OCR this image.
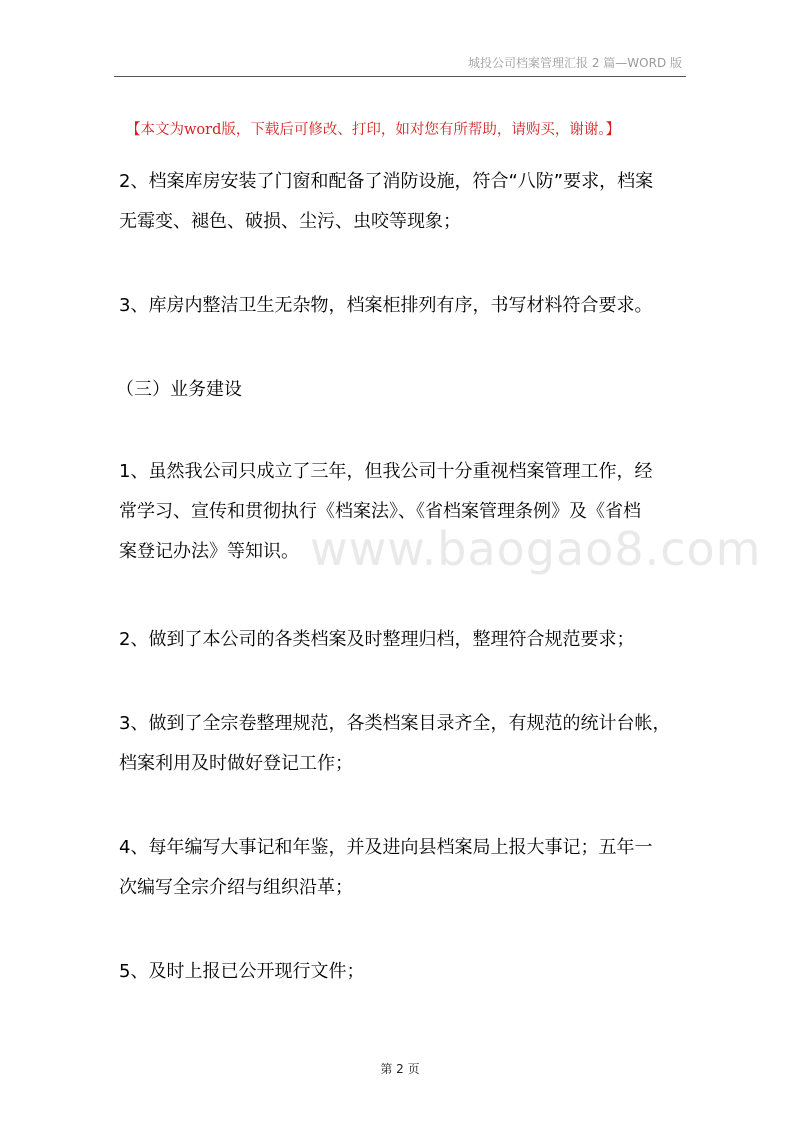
城投公司档案管理汇报 2 篇—WORD 版
【本文为word版，下载后可修改、打印，如对您有所帮助，请购买，谢谢。】
www.baogao8.com
2、档案库房安装了门窗和配备了消防设施，符合“八防”要求，档案
无霉变、褪色、破损、尘污、虫咬等现象；
3、库房内整洁卫生无杂物，档案柜排列有序，书写材料符合要求。
（三）业务建设
1、虽然我公司只成立了三年，但我公司十分重视档案管理工作，经
常学习、宣传和贯彻执行《档案法》、《省档案管理条例》及《省档
案登记办法》等知识。
2、做到了本公司的各类档案及时整理归档，整理符合规范要求；
3、做到了全宗卷整理规范，各类档案目录齐全，有规范的统计台帐，
档案利用及时做好登记工作；
4、每年编写大事记和年鉴，并及进向县档案局上报大事记；五年一
次编写全宗介绍与组织沿革；
5、及时上报已公开现行文件；
第 2 页
